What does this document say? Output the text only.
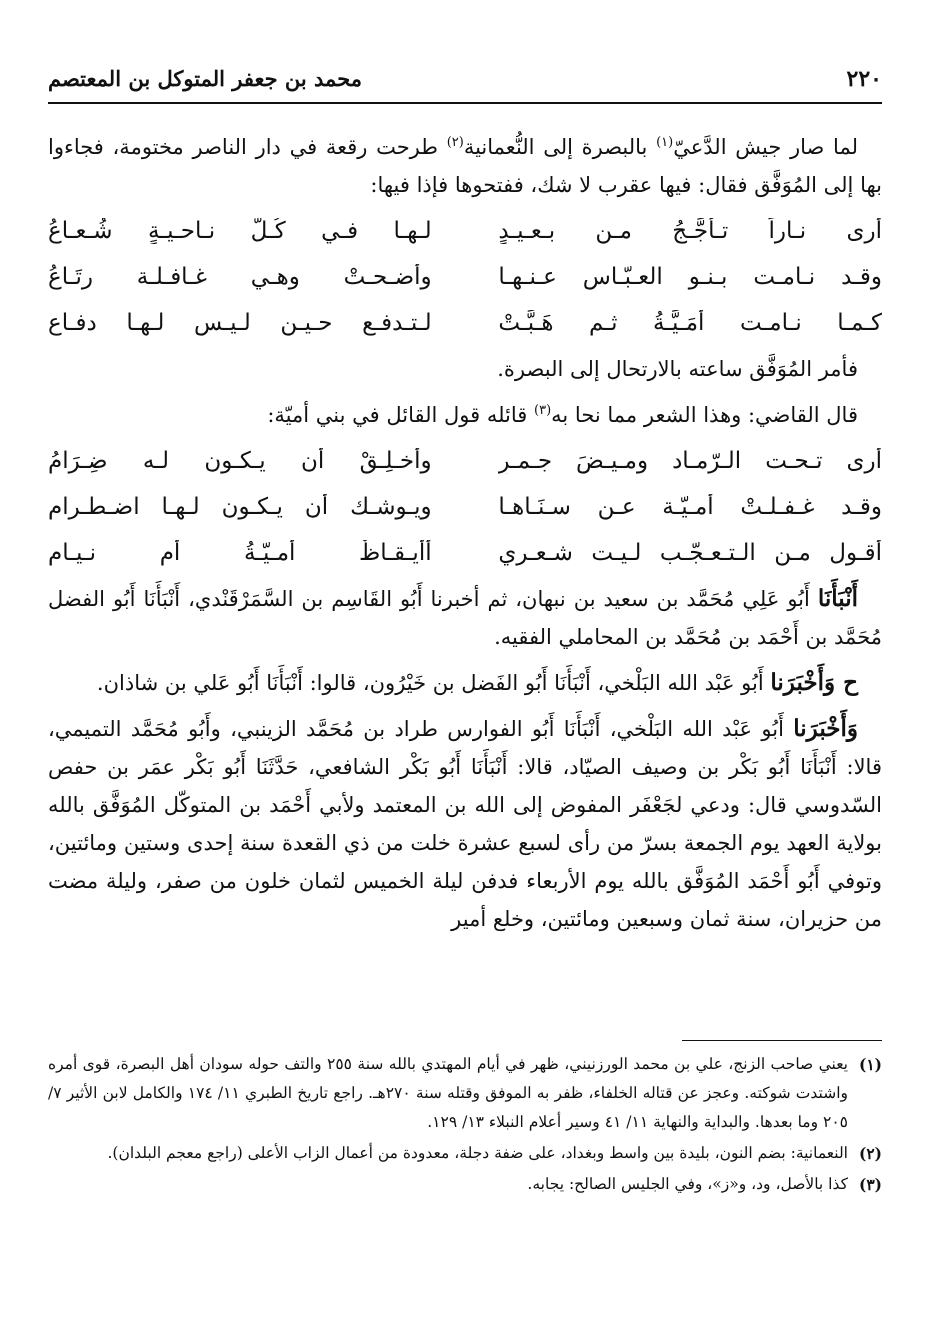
٢٢٠
محمد بن جعفر المتوكل بن المعتصم

لما صار جيش الدَّعيّ$^{(١)}$ بالبصرة إلى النُّعمانية$^{(٢)}$ طرحت رقعة في دار الناصر مختومة، فجاءوا بها إلى المُوَفَّق فقال: فيها عقرب لا شك، ففتحوها فإذا فيها:

أرى نـاراً تـأجَّـجُ مـن بـعـيـدٍ
لـهـا فـي كُـلّ نـاحـيـةٍ شُـعـاعُ
وقـد نـامـت بـنـو العـبّـاس عـنـهـا
وأضـحـتْ وهـي غـافـلـة رِتَـاعُ
كـمـا نـامـت أُمَـيَّـةُ ثـم هَـبَّـتْ
لـتـدفـع حـيـن لـيـس لـهـا دفـاع

فأمر المُوَفَّق ساعته بالارتحال إلى البصرة.

قال القاضي: وهذا الشعر مما نحا به$^{(٣)}$ قائله قول القائل في بني أميّة:

أرى تـحـت الـرّمـاد ومـيـضَ جـمـرٍ
وأخـلِـقْ أن يـكـون لـه ضِـرَامُ
وقـد غـفـلـتْ أمـيّـة عـن سـنَـاهـا
ويـوشـك أن يـكـون لـهـا اضـطـرام
أقـول مـن الـتـعـجّـب لـيـت شـعـري
أأيـقـاظٌ أمـيّـةُ أم نـيـام

أَنْبَأَنَا أَبُو عَلِي مُحَمَّد بن سعيد بن نبهان، ثم أخبرنا أَبُو القَاسِم بن السَّمَرْقَنْدي، أَنْبَأَنَا أَبُو الفضل مُحَمَّد بن أَحْمَد بن مُحَمَّد بن المحاملي الفقيه.

ح وَأَخْبَرَنا أَبُو عَبْد الله البَلْخي، أَنْبَأَنَا أَبُو الفَضل بن خَيْرُون، قالوا: أَنْبَأَنَا أَبُو عَلي بن شاذان.

وَأَخْبَرَنا أَبُو عَبْد الله البَلْخي، أَنْبَأَنَا أَبُو الفوارس طراد بن مُحَمَّد الزينبي، وأَبُو مُحَمَّد التميمي، قالا: أَنْبَأَنَا أَبُو بَكْر بن وصيف الصيّاد، قالا: أَنْبَأَنَا أَبُو بَكْر الشافعي، حَدَّثَنَا أَبُو بَكْر عمَر بن حفص السّدوسي قال: ودعي لجَعْفَر المفوض إلى الله بن المعتمد ولأبي أَحْمَد بن المتوكّل المُوَفَّق بالله بولاية العهد يوم الجمعة بسرّ من رأى لسبع عشرة خلت من ذي القعدة سنة إحدى وستين ومائتين، وتوفي أَبُو أَحْمَد المُوَفَّق بالله يوم الأربعاء فدفن ليلة الخميس لثمان خلون من صفر، وليلة مضت من حزيران، سنة ثمان وسبعين ومائتين، وخلع أمير

(١)
يعني صاحب الزنج، علي بن محمد الورزنيني، ظهر في أيام المهتدي بالله سنة ٢٥٥ والتف حوله سودان أهل البصرة، قوى أمره واشتدت شوكته. وعجز عن قتاله الخلفاء، ظفر به الموفق وقتله سنة ٢٧٠هـ. راجع تاريخ الطبري ١١/ ١٧٤ والكامل لابن الأثير ٧/ ٢٠٥ وما بعدها. والبداية والنهاية ١١/ ٤١ وسير أعلام النبلاء ١٣/ ١٢٩.
(٢)
النعمانية: بضم النون، بليدة بين واسط وبغداد، على ضفة دجلة، معدودة من أعمال الزاب الأعلى (راجع معجم البلدان).
(٣)
كذا بالأصل، ود، و«ز»، وفي الجليس الصالح: يجابه.
